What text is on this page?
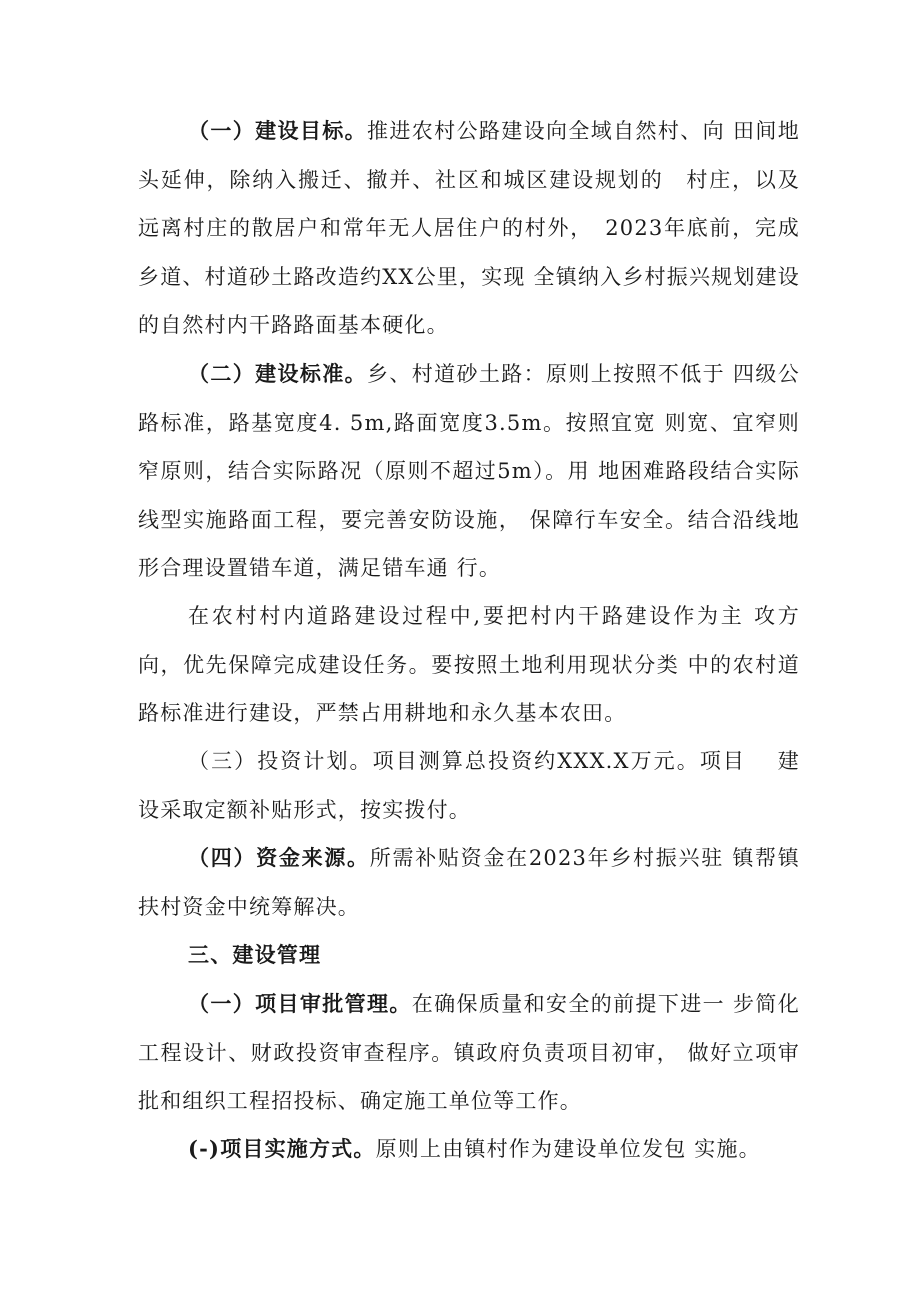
（一）建设目标。推进农村公路建设向全域自然村、向 田间地头延伸，除纳入搬迁、撤并、社区和城区建设规划的　村庄，以及远离村庄的散居户和常年无人居住户的村外，　2023年底前，完成乡道、村道砂土路改造约XX公里，实现 全镇纳入乡村振兴规划建设的自然村内干路路面基本硬化。

（二）建设标准。乡、村道砂土路：原则上按照不低于 四级公路标准，路基宽度4. 5m,路面宽度3.5m。按照宜宽 则宽、宜窄则窄原则，结合实际路况（原则不超过5m）。用 地困难路段结合实际线型实施路面工程，要完善安防设施， 保障行车安全。结合沿线地形合理设置错车道，满足错车通 行。

在农村村内道路建设过程中,要把村内干路建设作为主 攻方向，优先保障完成建设任务。要按照土地利用现状分类 中的农村道路标准进行建设，严禁占用耕地和永久基本农田。

（三）投资计划。项目测算总投资约XXX.X万元。项目　 建设采取定额补贴形式，按实拨付。

（四）资金来源。所需补贴资金在2023年乡村振兴驻 镇帮镇扶村资金中统筹解决。

三、建设管理

（一）项目审批管理。在确保质量和安全的前提下进一 步简化工程设计、财政投资审查程序。镇政府负责项目初审， 做好立项审批和组织工程招投标、确定施工单位等工作。

(-)项目实施方式。原则上由镇村作为建设单位发包 实施。
